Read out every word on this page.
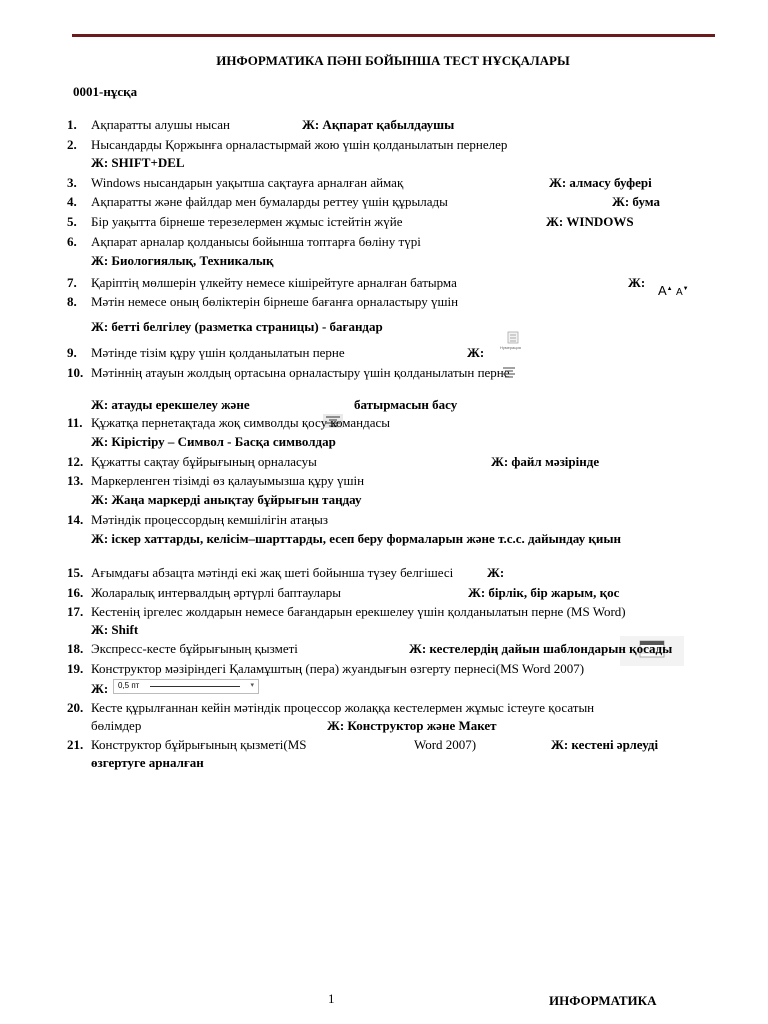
ИНФОРМАТИКА ПӘНІ БОЙЫНША ТЕСТ НҰСҚАЛАРЫ
0001-нұсқа
1.	Ақпаратты алушы нысан	Ж: Ақпарат қабылдаушы
2.	Нысандарды Қоржынға орналастырмай жою үшін қолданылатын пернелер
Ж: SHIFT+DEL
3.	Windows нысандарын уақытша сақтауға арналған аймақ	Ж: алмасу буфері
4.	Ақпаратты және файлдар мен бумаларды реттеу үшін құрылады	Ж: бума
5.	Бір уақытта бірнеше терезелермен жұмыс істейтін жүйе	Ж: WINDOWS
6.	Ақпарат арналар қолданысы бойынша топтарға бөліну түрі
Ж: Биологиялық, Техникалық
7.	Қаріптің мөлшерін үлкейту немесе кішірейтуге арналған батырма	Ж:
A▲ A▼
8.	Мәтін немесе оның бөліктерін бірнеше бағанға орналастыру үшін
Ж: бетті белгілеу (разметка страницы) - бағандар
9.	Мәтінде тізім құру үшін қолданылатын перне	Ж:	Нумерация
10. Мәтіннің атауын жолдың ортасына орналастыру үшін қолданылатын перне
Ж: атауды ерекшелеу және	батырмасын басу
11. Құжатқа пернетақтада жоқ символды қосу командасы
Ж: Кірістіру – Символ - Басқа символдар
12. Құжатты сақтау бұйрығының орналасуы	Ж: файл мәзірінде
13. Маркерленген тізімді өз қалауымызша құру үшін
Ж: Жаңа маркерді анықтау бұйрығын таңдау
14. Мәтіндік процессордың кемшілігін атаңыз
Ж: іскер хаттарды, келісім–шарттарды, есеп беру формаларын және т.с.с. дайындау қиын
15. Ағымдағы абзацта мәтінді екі жақ шеті бойынша түзеу белгішесі	Ж:
16. Жоларалық интервалдың әртүрлі баптаулары	Ж: бірлік, бір жарым, қос
17. Кестенің іргелес жолдарын немесе бағандарын ерекшелеу үшін қолданылатын перне (MS Word)
Ж: Shift
18. Экспресс-кесте бұйрығының қызметі	Ж: кестелердің дайын шаблондарын қосады
19. Конструктор мәзіріндегі Қаламұштың (пера) жуандығын өзгерту пернесі(MS Word 2007)
Ж: 0,5 пт	▾
20. Кесте құрылғаннан кейін мәтіндік процессор жолаққа кестелермен жұмыс істеуге қосатын
бөлімдер	Ж: Конструктор және Макет
21. Конструктор бұйрығының қызметі(MS	Word 2007)	Ж: кестені әрлеуді
өзгертуге арналған
1	ИНФОРМАТИКА
